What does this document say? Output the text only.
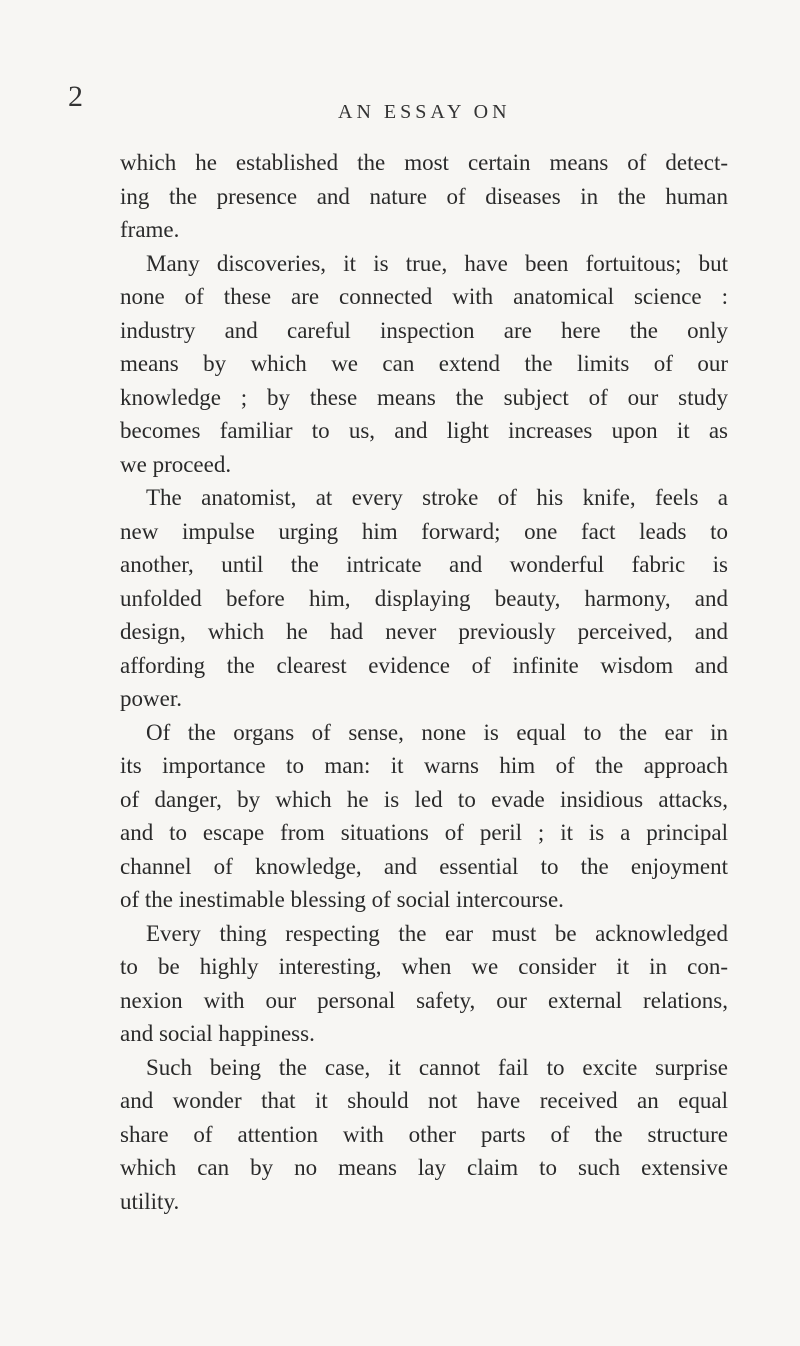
2	AN ESSAY ON
which he established the most certain means of detect-
ing the presence and nature of diseases in the human
frame.
Many discoveries, it is true, have been fortuitous; but
none of these are connected with anatomical science :
industry and careful inspection are here the only
means by which we can extend the limits of our
knowledge ; by these means the subject of our study
becomes familiar to us, and light increases upon it as
we proceed.
The anatomist, at every stroke of his knife, feels a
new impulse urging him forward; one fact leads to
another, until the intricate and wonderful fabric is
unfolded before him, displaying beauty, harmony, and
design, which he had never previously perceived, and
affording the clearest evidence of infinite wisdom and
power.
Of the organs of sense, none is equal to the ear in
its importance to man: it warns him of the approach
of danger, by which he is led to evade insidious attacks,
and to escape from situations of peril ; it is a principal
channel of knowledge, and essential to the enjoyment
of the inestimable blessing of social intercourse.
Every thing respecting the ear must be acknowledged
to be highly interesting, when we consider it in con-
nexion with our personal safety, our external relations,
and social happiness.
Such being the case, it cannot fail to excite surprise
and wonder that it should not have received an equal
share of attention with other parts of the structure
which can by no means lay claim to such extensive
utility.
